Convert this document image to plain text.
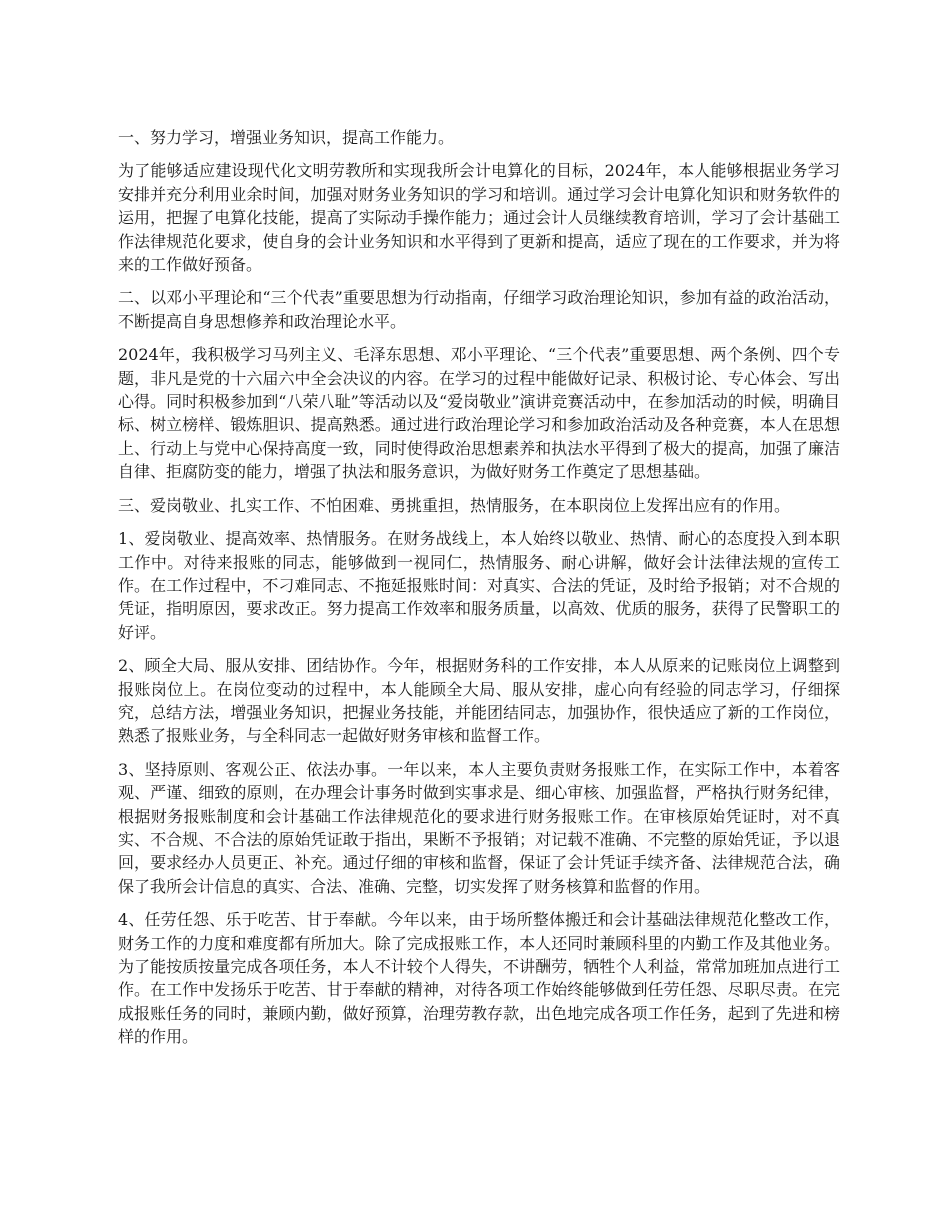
一、努力学习，增强业务知识，提高工作能力。

为了能够适应建设现代化文明劳教所和实现我所会计电算化的目标，2024年，本人能够根据业务学习安排并充分利用业余时间，加强对财务业务知识的学习和培训。通过学习会计电算化知识和财务软件的运用，把握了电算化技能，提高了实际动手操作能力；通过会计人员继续教育培训，学习了会计基础工作法律规范化要求，使自身的会计业务知识和水平得到了更新和提高，适应了现在的工作要求，并为将来的工作做好预备。

二、以邓小平理论和“三个代表”重要思想为行动指南，仔细学习政治理论知识，参加有益的政治活动，不断提高自身思想修养和政治理论水平。

2024年，我积极学习马列主义、毛泽东思想、邓小平理论、“三个代表”重要思想、两个条例、四个专题，非凡是党的十六届六中全会决议的内容。在学习的过程中能做好记录、积极讨论、专心体会、写出心得。同时积极参加到“八荣八耻”等活动以及“爱岗敬业”演讲竞赛活动中，在参加活动的时候，明确目标、树立榜样、锻炼胆识、提高熟悉。通过进行政治理论学习和参加政治活动及各种竞赛，本人在思想上、行动上与党中心保持高度一致，同时使得政治思想素养和执法水平得到了极大的提高，加强了廉洁自律、拒腐防变的能力，增强了执法和服务意识，为做好财务工作奠定了思想基础。

三、爱岗敬业、扎实工作、不怕困难、勇挑重担，热情服务，在本职岗位上发挥出应有的作用。

1、爱岗敬业、提高效率、热情服务。在财务战线上，本人始终以敬业、热情、耐心的态度投入到本职工作中。对待来报账的同志，能够做到一视同仁，热情服务、耐心讲解，做好会计法律法规的宣传工作。在工作过程中，不刁难同志、不拖延报账时间：对真实、合法的凭证，及时给予报销；对不合规的凭证，指明原因，要求改正。努力提高工作效率和服务质量，以高效、优质的服务，获得了民警职工的好评。

2、顾全大局、服从安排、团结协作。今年，根据财务科的工作安排，本人从原来的记账岗位上调整到报账岗位上。在岗位变动的过程中，本人能顾全大局、服从安排，虚心向有经验的同志学习，仔细探究，总结方法，增强业务知识，把握业务技能，并能团结同志，加强协作，很快适应了新的工作岗位，熟悉了报账业务，与全科同志一起做好财务审核和监督工作。

3、坚持原则、客观公正、依法办事。一年以来，本人主要负责财务报账工作，在实际工作中，本着客观、严谨、细致的原则，在办理会计事务时做到实事求是、细心审核、加强监督，严格执行财务纪律，根据财务报账制度和会计基础工作法律规范化的要求进行财务报账工作。在审核原始凭证时，对不真实、不合规、不合法的原始凭证敢于指出，果断不予报销；对记载不准确、不完整的原始凭证，予以退回，要求经办人员更正、补充。通过仔细的审核和监督，保证了会计凭证手续齐备、法律规范合法，确保了我所会计信息的真实、合法、准确、完整，切实发挥了财务核算和监督的作用。

4、任劳任怨、乐于吃苦、甘于奉献。今年以来，由于场所整体搬迁和会计基础法律规范化整改工作，财务工作的力度和难度都有所加大。除了完成报账工作，本人还同时兼顾科里的内勤工作及其他业务。为了能按质按量完成各项任务，本人不计较个人得失，不讲酬劳，牺牲个人利益，常常加班加点进行工作。在工作中发扬乐于吃苦、甘于奉献的精神，对待各项工作始终能够做到任劳任怨、尽职尽责。在完成报账任务的同时，兼顾内勤，做好预算，治理劳教存款，出色地完成各项工作任务，起到了先进和榜样的作用。
